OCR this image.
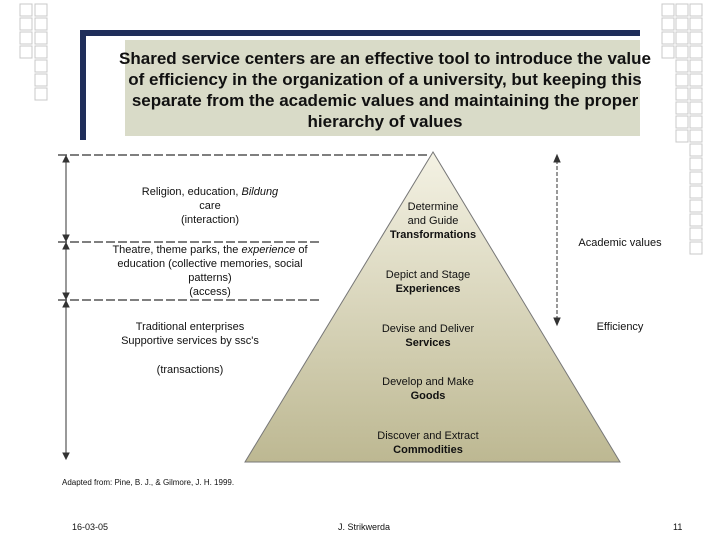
Shared service centers are an effective tool to introduce the value of efficiency in the organization of a university, but keeping this separate from the academic values and maintaining the proper hierarchy of values
Religion, education, Bildung
care
(interaction)
Theatre, theme parks, the experience of
education (collective memories, social
patterns)
(access)
Traditional enterprises
Supportive services by ssc's
(transactions)
Determine
and Guide
Transformations
Depict and Stage
Experiences
Devise and Deliver
Services
Develop and Make
Goods
Discover and Extract
Commodities
Academic values
Efficiency
Adapted from: Pine, B. J., & Gilmore, J. H. 1999.
16-03-05	J. Strikwerda	11
